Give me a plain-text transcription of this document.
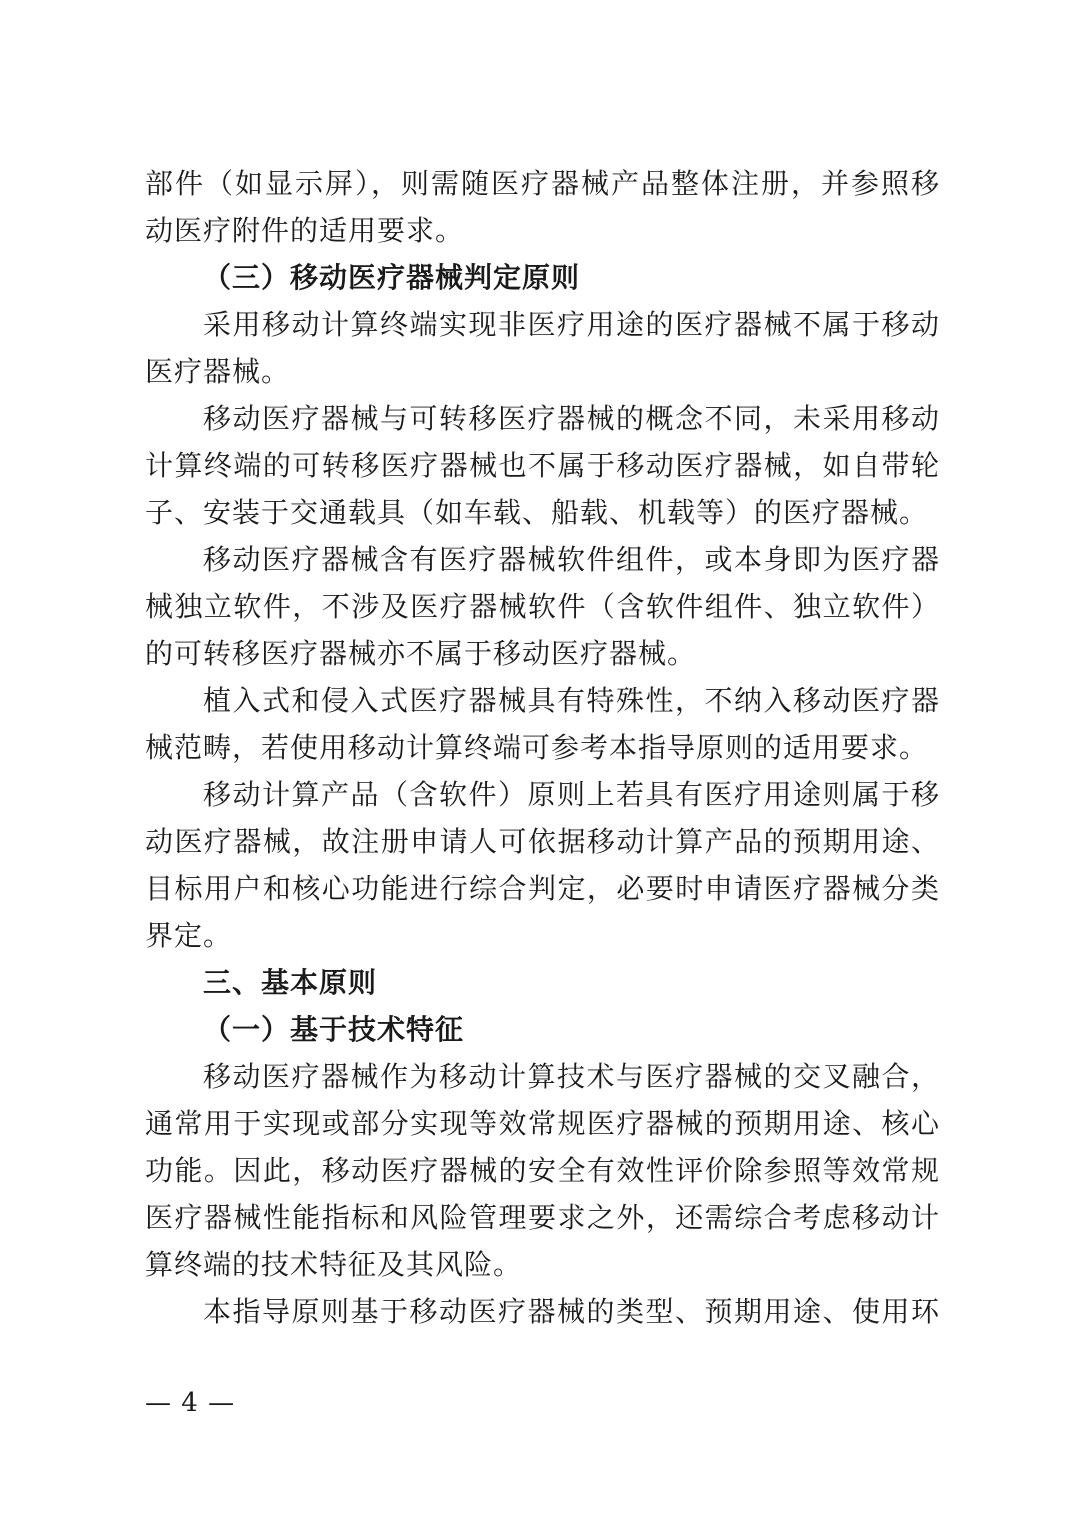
部件（如显示屏），则需随医疗器械产品整体注册，并参照移
动医疗附件的适用要求。
（三）移动医疗器械判定原则
采用移动计算终端实现非医疗用途的医疗器械不属于移动
医疗器械。
移动医疗器械与可转移医疗器械的概念不同，未采用移动
计算终端的可转移医疗器械也不属于移动医疗器械，如自带轮
子、安装于交通载具（如车载、船载、机载等）的医疗器械。
移动医疗器械含有医疗器械软件组件，或本身即为医疗器
械独立软件，不涉及医疗器械软件（含软件组件、独立软件）
的可转移医疗器械亦不属于移动医疗器械。
植入式和侵入式医疗器械具有特殊性，不纳入移动医疗器
械范畴，若使用移动计算终端可参考本指导原则的适用要求。
移动计算产品（含软件）原则上若具有医疗用途则属于移
动医疗器械，故注册申请人可依据移动计算产品的预期用途、
目标用户和核心功能进行综合判定，必要时申请医疗器械分类
界定。
三、基本原则
（一）基于技术特征
移动医疗器械作为移动计算技术与医疗器械的交叉融合，
通常用于实现或部分实现等效常规医疗器械的预期用途、核心
功能。因此，移动医疗器械的安全有效性评价除参照等效常规
医疗器械性能指标和风险管理要求之外，还需综合考虑移动计
算终端的技术特征及其风险。
本指导原则基于移动医疗器械的类型、预期用途、使用环
— 4 —
